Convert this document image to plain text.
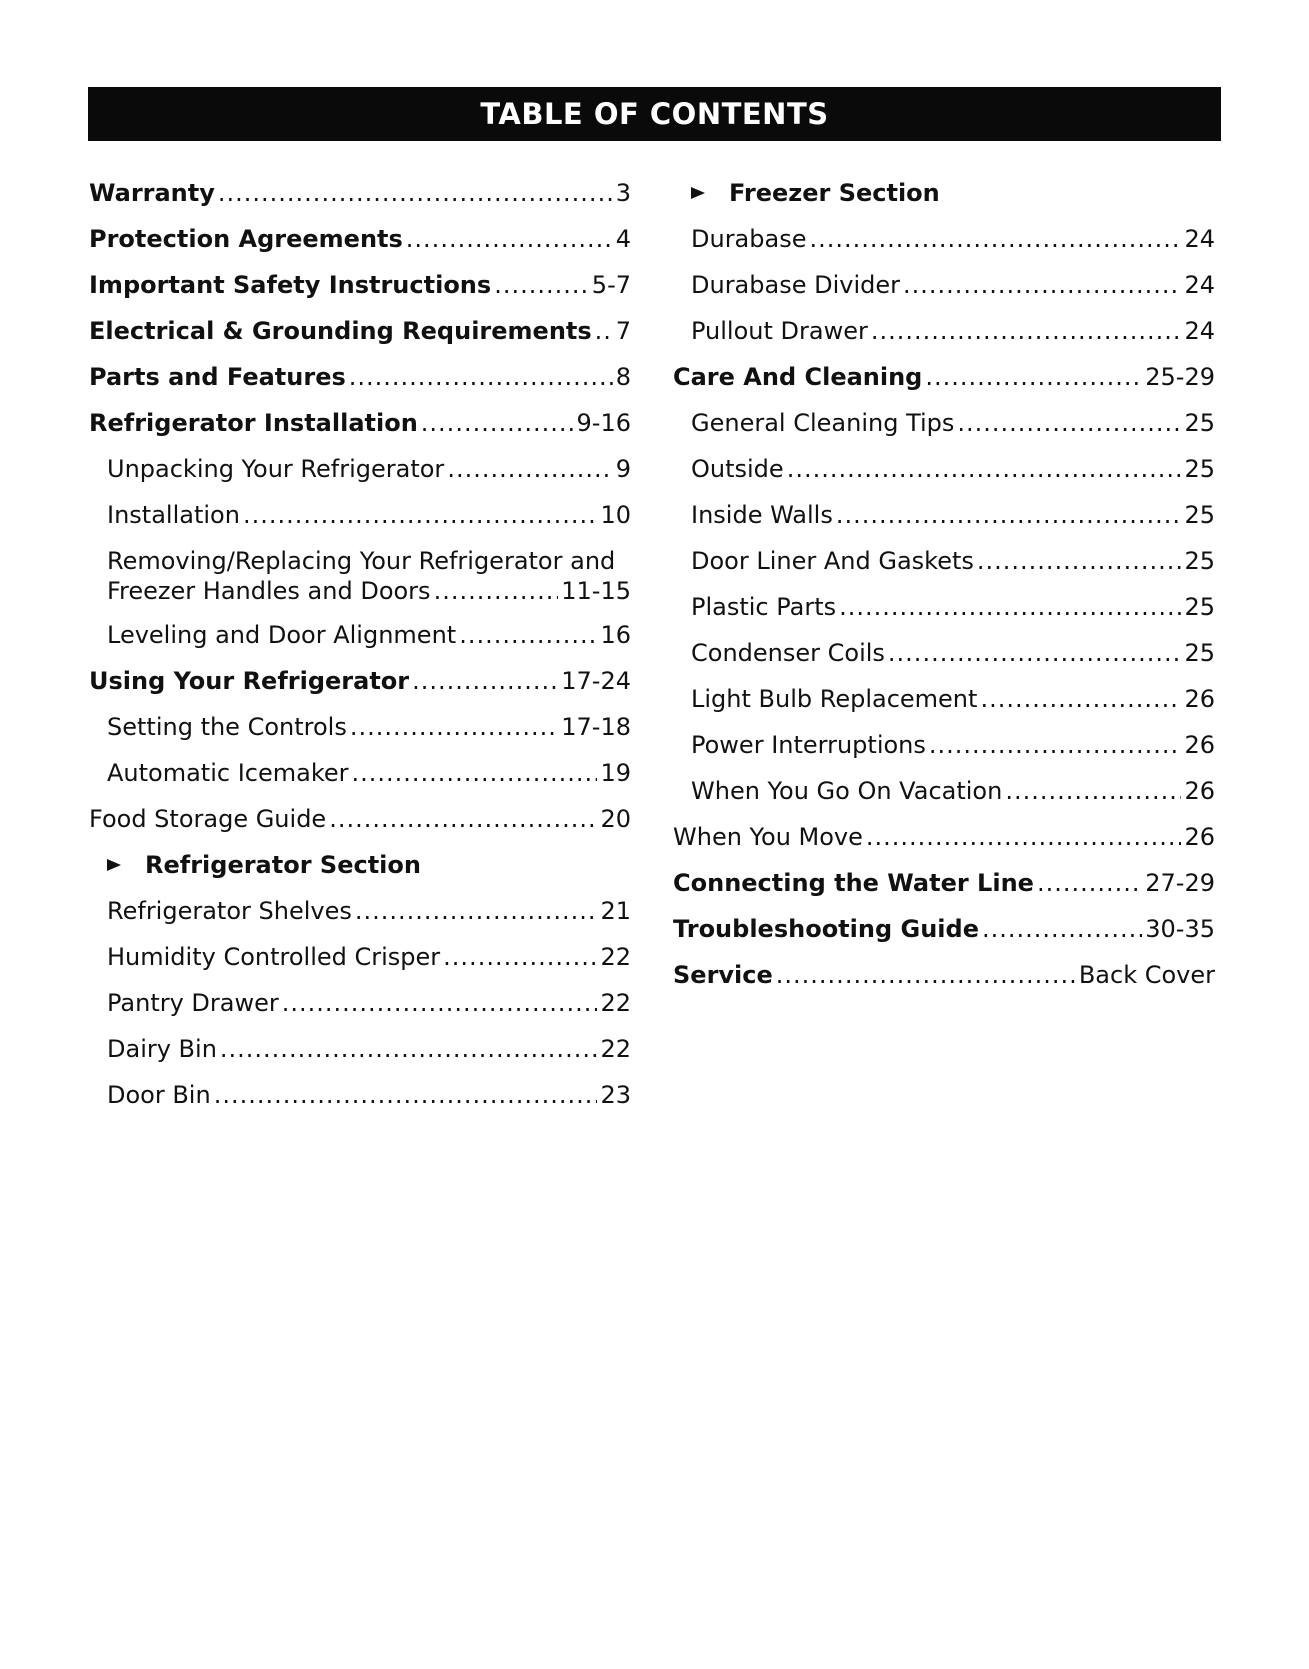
TABLE OF CONTENTS
Warranty .....	3
Protection Agreements .....	4
Important Safety Instructions .....	5-7
Electrical & Grounding Requirements ..... 7
Parts and Features .....	8
Refrigerator Installation .....	9-16
Unpacking Your Refrigerator .....	9
Installation .....	10
Removing/Replacing Your Refrigerator and
Freezer Handles and Doors .....	11-15
Leveling and Door Alignment .....	16
Using Your Refrigerator .....	17-24
Setting the Controls .....	17-18
Automatic Icemaker .....	19
Food Storage Guide .....	20
Refrigerator Section
Refrigerator Shelves .....	21
Humidity Controlled Crisper .....	22
Pantry Drawer .....	22
Dairy Bin .....	22
Door Bin .....	23
Freezer Section
Durabase .....	24
Durabase Divider .....	24
Pullout Drawer .....	24
Care And Cleaning .....	25-29
General Cleaning Tips .....	25
Outside .....	25
Inside Walls .....	25
Door Liner And Gaskets .....	25
Plastic Parts .....	25
Condenser Coils .....	25
Light Bulb Replacement .....	26
Power Interruptions .....	26
When You Go On Vacation .....	26
When You Move .....	26
Connecting the Water Line .....	27-29
Troubleshooting Guide .....	30-35
Service .....	Back Cover
